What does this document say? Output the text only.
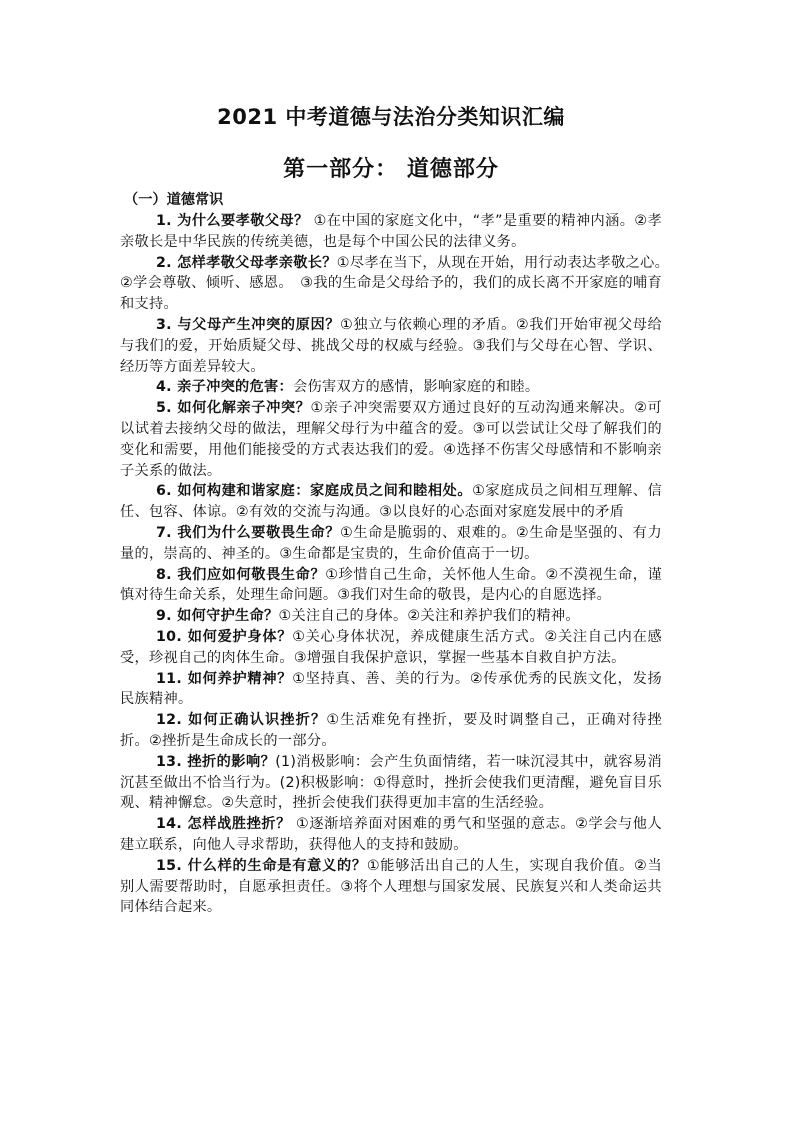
2021 中考道德与法治分类知识汇编
第一部分： 道德部分
（一）道德常识

1. 为什么要孝敬父母？ ①在中国的家庭文化中，“孝”是重要的精神内涵。②孝亲敬长是中华民族的传统美德，也是每个中国公民的法律义务。

2. 怎样孝敬父母孝亲敬长？①尽孝在当下，从现在开始，用行动表达孝敬之心。　②学会尊敬、倾听、感恩。　③我的生命是父母给予的，我们的成长离不开家庭的哺育和支持。

3. 与父母产生冲突的原因？①独立与依赖心理的矛盾。②我们开始审视父母给与我们的爱，开始质疑父母、挑战父母的权威与经验。③我们与父母在心智、学识、经历等方面差异较大。

4. 亲子冲突的危害：会伤害双方的感情，影响家庭的和睦。

5. 如何化解亲子冲突？①亲子冲突需要双方通过良好的互动沟通来解决。②可以试着去接纳父母的做法，理解父母行为中蕴含的爱。③可以尝试让父母了解我们的变化和需要，用他们能接受的方式表达我们的爱。④选择不伤害父母感情和不影响亲子关系的做法。

6. 如何构建和谐家庭：家庭成员之间和睦相处。①家庭成员之间相互理解、信任、包容、体谅。②有效的交流与沟通。③以良好的心态面对家庭发展中的矛盾

7. 我们为什么要敬畏生命？①生命是脆弱的、艰难的。②生命是坚强的、有力量的，崇高的、神圣的。③生命都是宝贵的，生命价值高于一切。

8. 我们应如何敬畏生命？①珍惜自己生命，关怀他人生命。②不漠视生命，谨慎对待生命关系，处理生命问题。③我们对生命的敬畏，是内心的自愿选择。

9. 如何守护生命？①关注自己的身体。②关注和养护我们的精神。

10. 如何爱护身体？①关心身体状况，养成健康生活方式。②关注自己内在感受，珍视自己的肉体生命。③增强自我保护意识，掌握一些基本自救自护方法。

11. 如何养护精神？①坚持真、善、美的行为。②传承优秀的民族文化，发扬民族精神。

12. 如何正确认识挫折？①生活难免有挫折，要及时调整自己，正确对待挫折。②挫折是生命成长的一部分。

13. 挫折的影响？(1)消极影响：会产生负面情绪，若一味沉浸其中，就容易消沉甚至做出不恰当行为。(2)积极影响：①得意时，挫折会使我们更清醒，避免盲目乐观、精神懈怠。②失意时，挫折会使我们获得更加丰富的生活经验。

14. 怎样战胜挫折？ ①逐渐培养面对困难的勇气和坚强的意志。②学会与他人建立联系，向他人寻求帮助，获得他人的支持和鼓励。

15. 什么样的生命是有意义的？①能够活出自己的人生，实现自我价值。②当别人需要帮助时，自愿承担责任。③将个人理想与国家发展、民族复兴和人类命运共同体结合起来。
